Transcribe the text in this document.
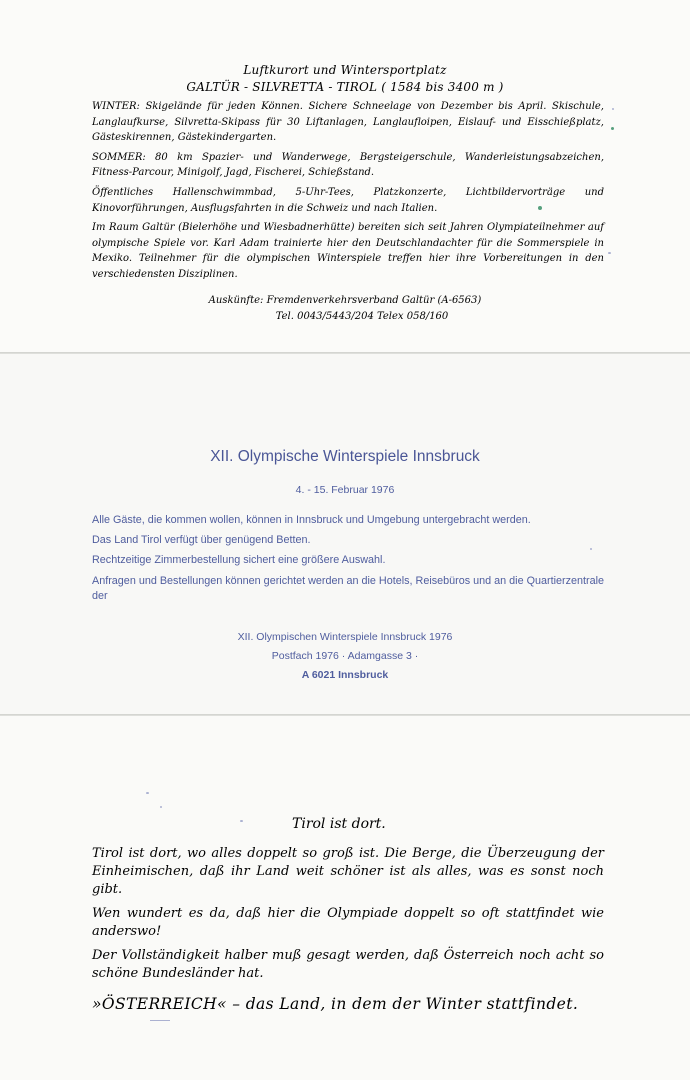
Luftkurort und Wintersportplatz
GALTÜR - SILVRETTA - TIROL ( 1584 bis 3400 m )

WINTER: Skigelände für jeden Können. Sichere Schneelage von Dezember bis April. Skischule, Langlaufkurse, Silvretta-Skipass für 30 Liftanlagen, Langlaufloipen, Eislauf- und Eisschießplatz, Gästeskirennen, Gästekindergarten.

SOMMER: 80 km Spazier- und Wanderwege, Bergsteigerschule, Wanderleistungsabzeichen, Fitness-Parcour, Minigolf, Jagd, Fischerei, Schießstand.

Öffentliches Hallenschwimmbad, 5-Uhr-Tees, Platzkonzerte, Lichtbildervorträge und Kinovorführungen, Ausflugsfahrten in die Schweiz und nach Italien.

Im Raum Galtür (Bielerhöhe und Wiesbadnerhütte) bereiten sich seit Jahren Olympiateilnehmer auf olympische Spiele vor. Karl Adam trainierte hier den Deutschlandachter für die Sommerspiele in Mexiko. Teilnehmer für die olympischen Winterspiele treffen hier ihre Vorbereitungen in den verschiedensten Disziplinen.

Auskünfte: Fremdenverkehrsverband Galtür (A-6563)
Tel. 0043/5443/204 Telex 058/160
XII. Olympische Winterspiele Innsbruck
4. - 15. Februar 1976

Alle Gäste, die kommen wollen, können in Innsbruck und Umgebung untergebracht werden.

Das Land Tirol verfügt über genügend Betten.

Rechtzeitige Zimmerbestellung sichert eine größere Auswahl.

Anfragen und Bestellungen können gerichtet werden an die Hotels, Reisebüros und an die Quartierzentrale der

XII. Olympischen Winterspiele Innsbruck 1976
Postfach 1976 · Adamgasse 3 ·
A 6021 Innsbruck
Tirol ist dort.

Tirol ist dort, wo alles doppelt so groß ist. Die Berge, die Überzeugung der Einheimischen, daß ihr Land weit schöner ist als alles, was es sonst noch gibt.

Wen wundert es da, daß hier die Olympiade doppelt so oft stattfindet wie anderswo!

Der Vollständigkeit halber muß gesagt werden, daß Österreich noch acht so schöne Bundesländer hat.

»ÖSTERREICH« – das Land, in dem der Winter stattfindet.
